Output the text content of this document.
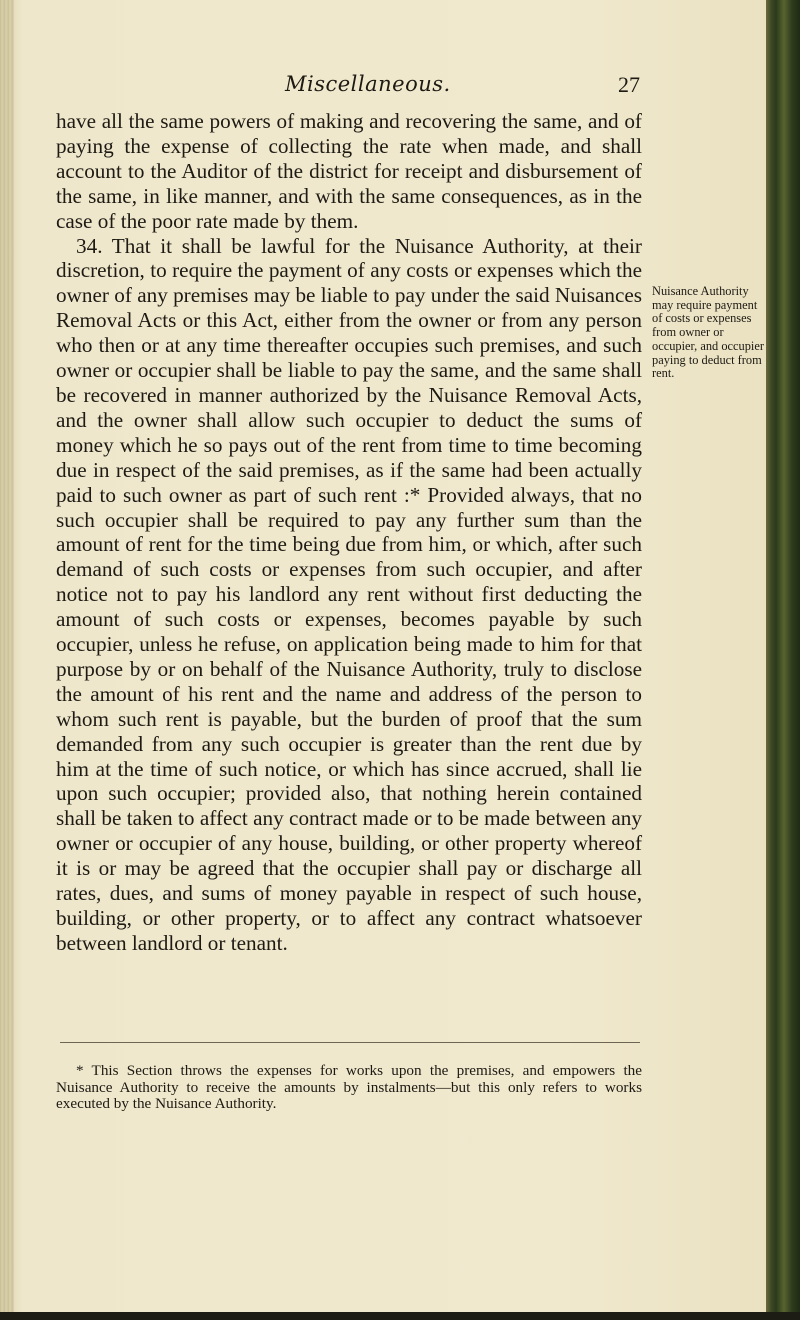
Miscellaneous.	27

have all the same powers of making and recovering the same, and of paying the expense of collecting the rate when made, and shall account to the Auditor of the district for receipt and disbursement of the same, in like manner, and with the same consequences, as in the case of the poor rate made by them.

34. That it shall be lawful for the Nuisance Authority, at their discretion, to require the payment of any costs or expenses which the owner of any premises may be liable to pay under the said Nuisances Removal Acts or this Act, either from the owner or from any person who then or at any time thereafter occupies such premises, and such owner or occupier shall be liable to pay the same, and the same shall be recovered in manner authorized by the Nuisance Removal Acts, and the owner shall allow such occupier to deduct the sums of money which he so pays out of the rent from time to time becoming due in respect of the said premises, as if the same had been actually paid to such owner as part of such rent :* Provided always, that no such occupier shall be required to pay any further sum than the amount of rent for the time being due from him, or which, after such demand of such costs or expenses from such occupier, and after notice not to pay his landlord any rent without first deducting the amount of such costs or expenses, becomes payable by such occupier, unless he refuse, on application being made to him for that purpose by or on behalf of the Nuisance Authority, truly to disclose the amount of his rent and the name and address of the person to whom such rent is payable, but the burden of proof that the sum demanded from any such occupier is greater than the rent due by him at the time of such notice, or which has since accrued, shall lie upon such occupier; provided also, that nothing herein contained shall be taken to affect any contract made or to be made between any owner or occupier of any house, building, or other property whereof it is or may be agreed that the occupier shall pay or discharge all rates, dues, and sums of money payable in respect of such house, building, or other property, or to affect any contract whatsoever between landlord or tenant.

Nuisance Authority may require payment of costs or expenses from owner or occupier, and occupier paying to deduct from rent.

* This Section throws the expenses for works upon the premises, and empowers the Nuisance Authority to receive the amounts by instalments—but this only refers to works executed by the Nuisance Authority.
